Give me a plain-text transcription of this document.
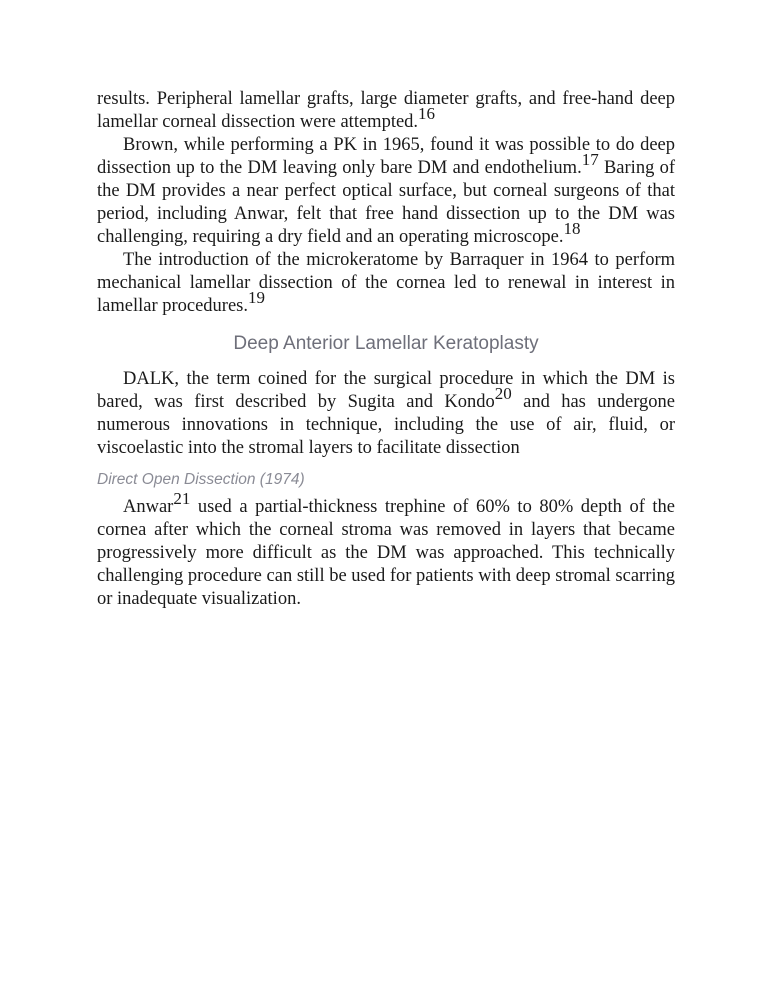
results. Peripheral lamellar grafts, large diameter grafts, and free-hand deep lamellar corneal dissection were attempted.$^{16}$

Brown, while performing a PK in 1965, found it was possible to do deep dissection up to the DM leaving only bare DM and endothelium.$^{17}$ Baring of the DM provides a near perfect optical surface, but corneal surgeons of that period, including Anwar, felt that free hand dissection up to the DM was challenging, requiring a dry field and an operating microscope.$^{18}$

The introduction of the microkeratome by Barraquer in 1964 to perform mechanical lamellar dissection of the cornea led to renewal in interest in lamellar procedures.$^{19}$

Deep Anterior Lamellar Keratoplasty

DALK, the term coined for the surgical procedure in which the DM is bared, was first described by Sugita and Kondo$^{20}$ and has undergone numerous innovations in technique, including the use of air, fluid, or viscoelastic into the stromal layers to facilitate dissection

Direct Open Dissection (1974)

Anwar$^{21}$ used a partial-thickness trephine of 60% to 80% depth of the cornea after which the corneal stroma was removed in layers that became progressively more difficult as the DM was approached. This technically challenging procedure can still be used for patients with deep stromal scarring or inadequate visualization.
